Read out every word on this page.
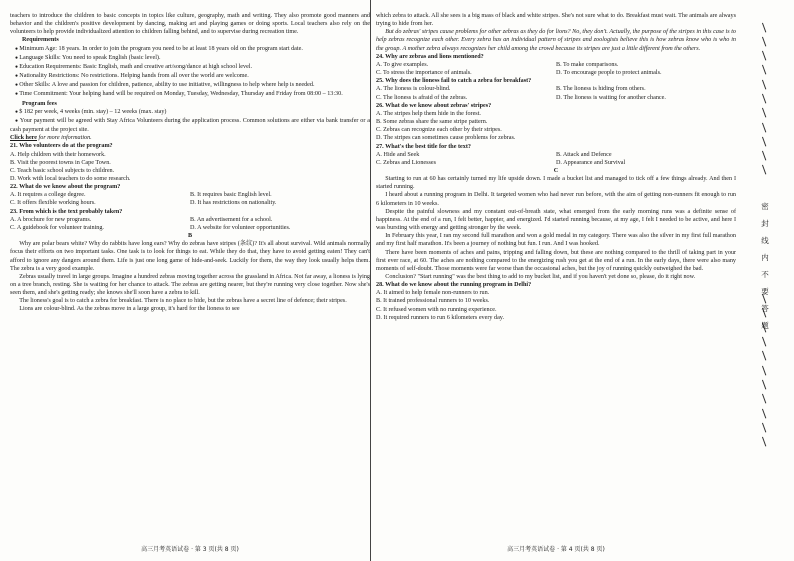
teachers to introduce the children to basic concepts in topics like culture, geography, math and writing. They also promote good manners and behavior and the children's positive development by dancing, making art and playing games or doing sports. Local teachers also rely on the volunteers to help provide individualized attention to children falling behind, and to supervise during recreation time.

Requirements

● Minimum Age: 18 years. In order to join the program you need to be at least 18 years old on the program start date.

● Language Skills: You need to speak English (basic level).

● Education Requirements: Basic English, math and creative art/song/dance at high school level.

● Nationality Restrictions: No restrictions. Helping hands from all over the world are welcome.

● Other Skills: A love and passion for children, patience, ability to use initiative, willingness to help where help is needed.

● Time Commitment: Your helping hand will be required on Monday, Tuesday, Wednesday, Thursday and Friday from 08:00 – 13:30.

Program fees

● $ 182 per week, 4 weeks (min. stay) – 12 weeks (max. stay)

● Your payment will be agreed with Stay Africa Volunteers during the application process. Common solutions are either via bank transfer or a cash payment at the project site.

Click here for more information.

21. Who volunteers do at the program?

A. Help children with their homework.

B. Visit the poorest towns in Cape Town.

C. Teach basic school subjects to children.

D. Work with local teachers to do some research.

22. What do we know about the program?

A. It requires a college degree.	B. It requires basic English level.

C. It offers flexible working hours.	D. It has restrictions on nationality.

23. From which is the text probably taken?

A. A brochure for new programs.	B. An advertisement for a school.

C. A guidebook for volunteer training.	D. A website for volunteer opportunities.

B

Why are polar bears white? Why do rabbits have long ears? Why do zebras have stripes (条纹)? It's all about survival. Wild animals normally focus their efforts on two important tasks. One task is to look for things to eat. While they do that, they have to avoid getting eaten! They can't afford to ignore any dangers around them. Life is just one long game of hide-and-seek. Luckily for them, the way they look usually helps them. The zebra is a very good example.

Zebras usually travel in large groups. Imagine a hundred zebras moving together across the grassland in Africa. Not far away, a lioness is lying on a tree branch, resting. She is waiting for her chance to attack. The zebras are getting nearer, but they're running very close together. Now she's seen them, and she's getting ready; she knows she'll soon have a zebra to kill.

The lioness's goal is to catch a zebra for breakfast. There is no place to hide, but the zebras have a secret line of defence; their stripes.

Lions are colour-blind. As the zebras move in a large group, it's hard for the lioness to see

高三月考英语试卷 · 第 3 页(共 8 页)

which zebra to attack. All she sees is a big mass of black and white stripes. She's not sure what to do. Breakfast must wait. The animals are always trying to hide from her.

But do zebras' stripes cause problems for other zebras as they do for lions? No, they don't. Actually, the purpose of the stripes in this case is to help zebras recognize each other. Every zebra has an individual pattern of stripes and zoologists believe this is how zebras know who is who in the group. A mother zebra always recognizes her child among the crowd because its stripes are just a little different from the others.

24. Why are zebras and lions mentioned?

A. To give examples.	B. To make comparisons.

C. To stress the importance of animals.	D. To encourage people to protect animals.

25. Why does the lioness fail to catch a zebra for breakfast?

A. The lioness is colour-blind.	B. The lioness is hiding from others.

C. The lioness is afraid of the zebras.	D. The lioness is waiting for another chance.

26. What do we know about zebras' stripes?

A. The stripes help them hide in the forest.

B. Some zebras share the same stripe pattern.

C. Zebras can recognize each other by their stripes.

D. The stripes can sometimes cause problems for zebras.

27. What's the best title for the text?

A. Hide and Seek	B. Attack and Defence

C. Zebras and Lionesses	D. Appearance and Survival

C

Starting to run at 60 has certainly turned my life upside down. I made a bucket list and managed to tick off a few things already. And then I started running.

I heard about a running program in Delhi. It targeted women who had never run before, with the aim of getting non-runners fit enough to run 6 kilometers in 10 weeks.

Despite the painful slowness and my constant out-of-breath state, what emerged from the early morning runs was a definite sense of happiness. At the end of a run, I felt better, happier, and energized. I'd started running because, at my age, I felt I needed to be active, and here I was bursting with energy and getting stronger by the week.

In February this year, I ran my second full marathon and won a gold medal in my category. There was also the silver in my first full marathon and my first half marathon. It's been a journey of nothing but fun. I run. And I was hooked.

There have been moments of aches and pains, tripping and falling down, but these are nothing compared to the thrill of taking part in your first ever race, at 60. The aches are nothing compared to the energizing rush you get at the end of a run. In the early days, there were also many moments of self-doubt. Those moments were far worse than the occasional aches, but the joy of running quickly outweighed the bad.

Conclusion? "Start running" was the best thing to add to my bucket list, and if you haven't yet done so, please, do it right now.

28. What do we know about the running program in Delhi?

A. It aimed to help female non-runners to run.

B. It trained professional runners to 10 weeks.

C. It refused women with no running experience.

D. It required runners to run 6 kilometers every day.

高三月考英语试卷 · 第 4 页(共 8 页)
密封线内不要答题
